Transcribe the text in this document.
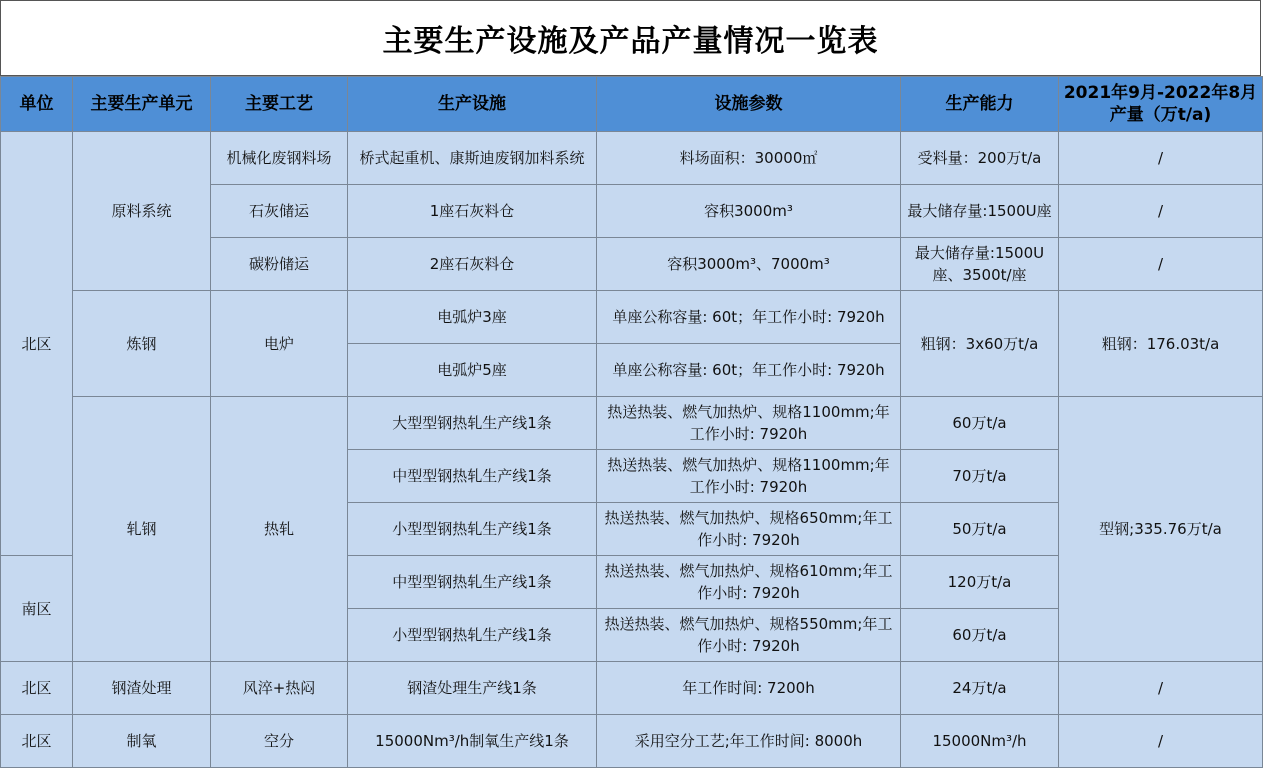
主要生产设施及产品产量情况一览表
单位	主要生产单元	主要工艺	生产设施	设施参数	生产能力	2021年9月-2022年8月产量（万t/a)
北区	原料系统	机械化废钢料场	桥式起重机、康斯迪废钢加料系统	料场面积：30000㎡	受料量：200万t/a	/
		石灰储运	1座石灰料仓	容积3000m³	最大储存量:1500U座	/
		碳粉储运	2座石灰料仓	容积3000m³、7000m³	最大储存量:1500U座、3500t/座	/
	炼钢	电炉	电弧炉3座	单座公称容量: 60t；年工作小时: 7920h	粗钢：3x60万t/a	粗钢：176.03t/a
			电弧炉5座	单座公称容量: 60t；年工作小时: 7920h		
	轧钢	热轧	大型型钢热轧生产线1条	热送热装、燃气加热炉、规格1100mm;年工作小时: 7920h	60万t/a	型钢;335.76万t/a
			中型型钢热轧生产线1条	热送热装、燃气加热炉、规格1100mm;年工作小时: 7920h	70万t/a	
			小型型钢热轧生产线1条	热送热装、燃气加热炉、规格650mm;年工作小时: 7920h	50万t/a	
南区			中型型钢热轧生产线1条	热送热装、燃气加热炉、规格610mm;年工作小时: 7920h	120万t/a	
			小型型钢热轧生产线1条	热送热装、燃气加热炉、规格550mm;年工作小时: 7920h	60万t/a	
北区	钢渣处理	风淬+热闷	钢渣处理生产线1条	年工作时间: 7200h	24万t/a	/
北区	制氧	空分	15000Nm³/h制氧生产线1条	采用空分工艺;年工作时间: 8000h	15000Nm³/h	/
